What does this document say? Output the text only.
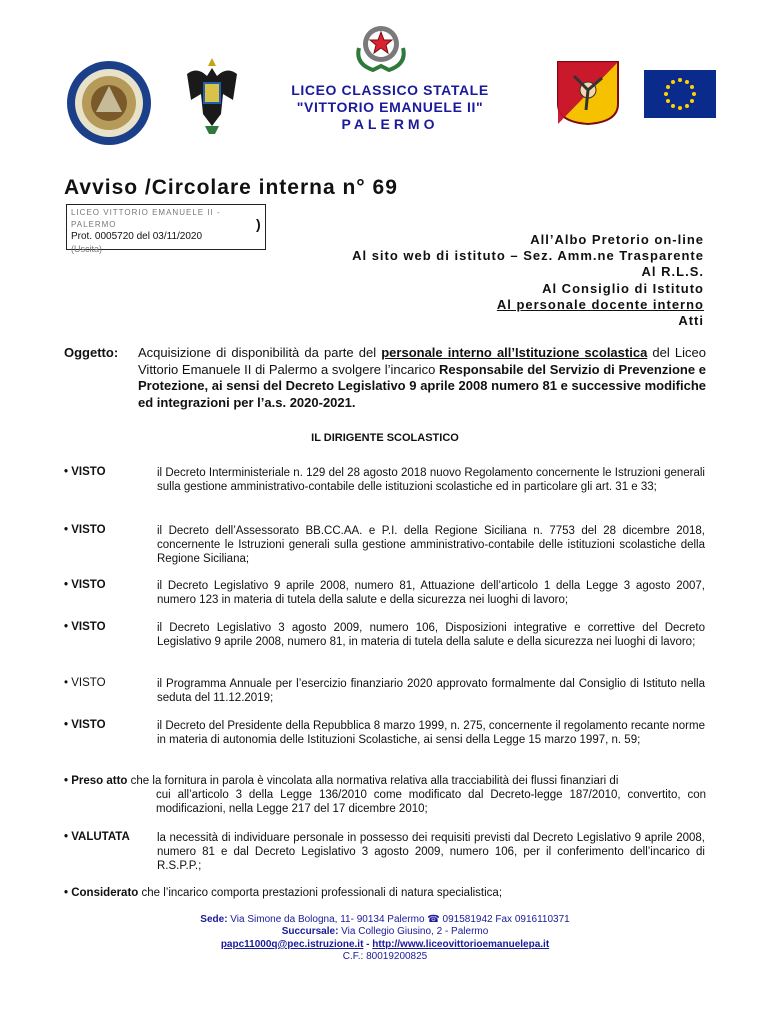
LICEO CLASSICO STATALE
"VITTORIO EMANUELE II"
PALERMO
Avviso /Circolare interna n° 69
LICEO VITTORIO EMANUELE II - PALERMO
Prot. 0005720 del 03/11/2020
(Uscita)
)
All’Albo Pretorio on-line
Al sito web di istituto – Sez. Amm.ne Trasparente
Al R.L.S.
Al Consiglio di Istituto
Al personale docente interno
Atti
Oggetto: Acquisizione di disponibilità da parte del personale interno all’Istituzione scolastica del Liceo Vittorio Emanuele II di Palermo a svolgere l’incarico Responsabile del Servizio di Prevenzione e Protezione, ai sensi del Decreto Legislativo 9 aprile 2008 numero 81 e successive modifiche ed integrazioni per l’a.s. 2020-2021.
IL DIRIGENTE SCOLASTICO
• VISTO	il Decreto Interministeriale n. 129 del 28 agosto 2018 nuovo Regolamento concernente le Istruzioni generali sulla gestione amministrativo-contabile delle istituzioni scolastiche ed in particolare gli art. 31 e 33;
• VISTO	il Decreto dell’Assessorato BB.CC.AA. e P.I. della Regione Siciliana n. 7753 del 28 dicembre 2018, concernente le Istruzioni generali sulla gestione amministrativo-contabile delle istituzioni scolastiche della Regione Siciliana;
• VISTO	il Decreto Legislativo 9 aprile 2008, numero 81, Attuazione dell’articolo 1 della Legge 3 agosto 2007, numero 123 in materia di tutela della salute e della sicurezza nei luoghi di lavoro;
• VISTO	il Decreto Legislativo 3 agosto 2009, numero 106, Disposizioni integrative e correttive del Decreto Legislativo 9 aprile 2008, numero 81, in materia di tutela della salute e della sicurezza nei luoghi di lavoro;
• VISTO	il Programma Annuale per l’esercizio finanziario 2020 approvato formalmente dal Consiglio di Istituto nella seduta del 11.12.2019;
• VISTO	il Decreto del Presidente della Repubblica 8 marzo 1999, n. 275, concernente il regolamento recante norme in materia di autonomia delle Istituzioni Scolastiche, ai sensi della Legge 15 marzo 1997, n. 59;
• Preso atto che la fornitura in parola è vincolata alla normativa relativa alla tracciabilità dei flussi finanziari di
cui all’articolo 3 della Legge 136/2010 come modificato dal Decreto-legge 187/2010, convertito, con modificazioni, nella Legge 217 del 17 dicembre 2010;
• VALUTATA la necessità di individuare personale in possesso dei requisiti previsti dal Decreto Legislativo 9 aprile 2008, numero 81 e dal Decreto Legislativo 3 agosto 2009, numero 106, per il conferimento dell’incarico di R.S.P.P.;
• Considerato che l’incarico comporta prestazioni professionali di natura specialistica;
Sede: Via Simone da Bologna, 11- 90134 Palermo ☎ 091581942 Fax 0916110371
Succursale: Via Collegio Giusino, 2 - Palermo
papc11000q@pec.istruzione.it - http://www.liceovittorioemanuelepa.it
C.F.: 80019200825
